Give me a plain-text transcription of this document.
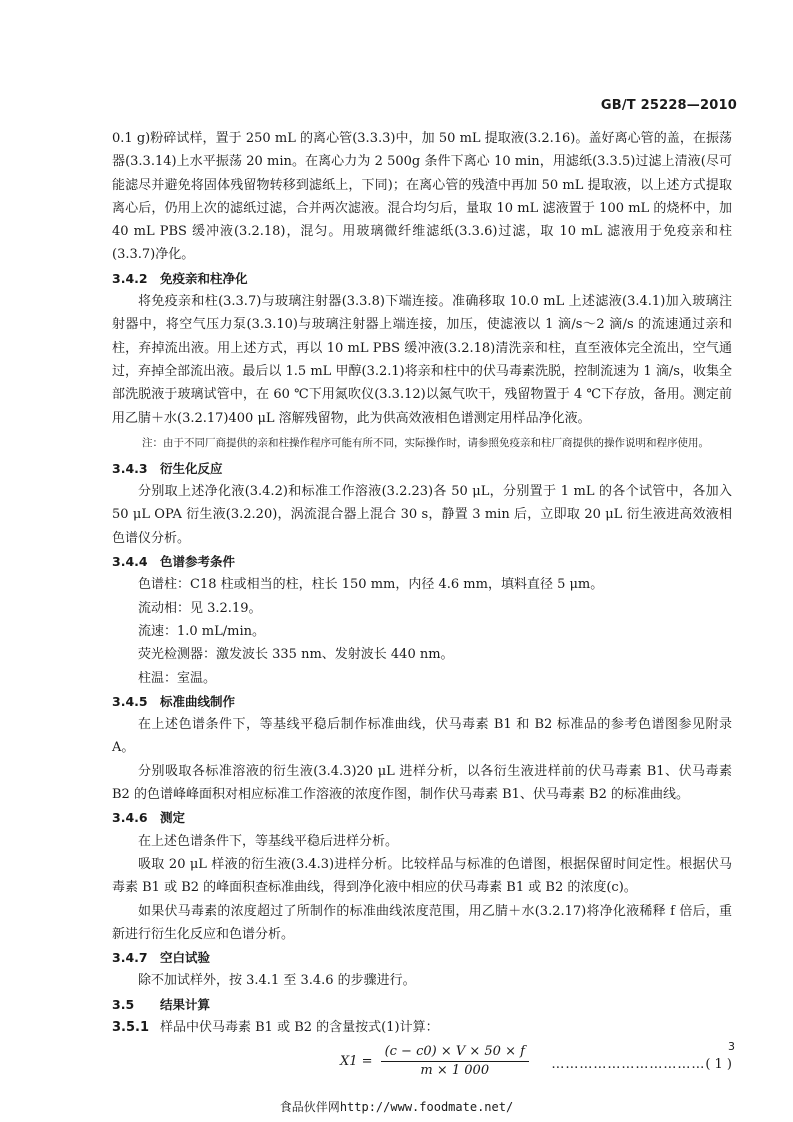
GB/T 25228—2010

0.1 g)粉碎试样，置于 250 mL 的离心管(3.3.3)中，加 50 mL 提取液(3.2.16)。盖好离心管的盖，在振荡器(3.3.14)上水平振荡 20 min。在离心力为 2 500g 条件下离心 10 min，用滤纸(3.3.5)过滤上清液(尽可能滤尽并避免将固体残留物转移到滤纸上，下同)；在离心管的残渣中再加 50 mL 提取液，以上述方式提取离心后，仍用上次的滤纸过滤，合并两次滤液。混合均匀后，量取 10 mL 滤液置于 100 mL 的烧杯中，加 40 mL PBS 缓冲液(3.2.18)，混匀。用玻璃微纤维滤纸(3.3.6)过滤，取 10 mL 滤液用于免疫亲和柱(3.3.7)净化。

3.4.2 免疫亲和柱净化

将免疫亲和柱(3.3.7)与玻璃注射器(3.3.8)下端连接。准确移取 10.0 mL 上述滤液(3.4.1)加入玻璃注射器中，将空气压力泵(3.3.10)与玻璃注射器上端连接，加压，使滤液以 1 滴/s～2 滴/s 的流速通过亲和柱，弃掉流出液。用上述方式，再以 10 mL PBS 缓冲液(3.2.18)清洗亲和柱，直至液体完全流出，空气通过，弃掉全部流出液。最后以 1.5 mL 甲醇(3.2.1)将亲和柱中的伏马毒素洗脱，控制流速为 1 滴/s，收集全部洗脱液于玻璃试管中，在 60 ℃下用氮吹仪(3.3.12)以氮气吹干，残留物置于 4 ℃下存放，备用。测定前用乙腈＋水(3.2.17)400 μL 溶解残留物，此为供高效液相色谱测定用样品净化液。

注：由于不同厂商提供的亲和柱操作程序可能有所不同，实际操作时，请参照免疫亲和柱厂商提供的操作说明和程序使用。

3.4.3 衍生化反应

分别取上述净化液(3.4.2)和标准工作溶液(3.2.23)各 50 μL，分别置于 1 mL 的各个试管中，各加入 50 μL OPA 衍生液(3.2.20)，涡流混合器上混合 30 s，静置 3 min 后，立即取 20 μL 衍生液进高效液相色谱仪分析。

3.4.4 色谱参考条件

色谱柱：C18 柱或相当的柱，柱长 150 mm，内径 4.6 mm，填料直径 5 μm。

流动相：见 3.2.19。

流速：1.0 mL/min。

荧光检测器：激发波长 335 nm、发射波长 440 nm。

柱温：室温。

3.4.5 标准曲线制作

在上述色谱条件下，等基线平稳后制作标准曲线，伏马毒素 B1 和 B2 标准品的参考色谱图参见附录 A。

分别吸取各标准溶液的衍生液(3.4.3)20 μL 进样分析，以各衍生液进样前的伏马毒素 B1、伏马毒素 B2 的色谱峰峰面积对相应标准工作溶液的浓度作图，制作伏马毒素 B1、伏马毒素 B2 的标准曲线。

3.4.6 测定

在上述色谱条件下，等基线平稳后进样分析。

吸取 20 μL 样液的衍生液(3.4.3)进样分析。比较样品与标准的色谱图，根据保留时间定性。根据伏马毒素 B1 或 B2 的峰面积查标准曲线，得到净化液中相应的伏马毒素 B1 或 B2 的浓度(c)。

如果伏马毒素的浓度超过了所制作的标准曲线浓度范围，用乙腈＋水(3.2.17)将净化液稀释 f 倍后，重新进行衍生化反应和色谱分析。

3.4.7 空白试验

除不加试样外，按 3.4.1 至 3.4.6 的步骤进行。

3.5 结果计算

3.5.1 样品中伏马毒素 B1 或 B2 的含量按式(1)计算：

$X1 = \frac{(c - c0) \times V \times 50 \times f}{m \times 1 000}$ ……………………………( 1 )
3
食品伙伴网http://www.foodmate.net/
